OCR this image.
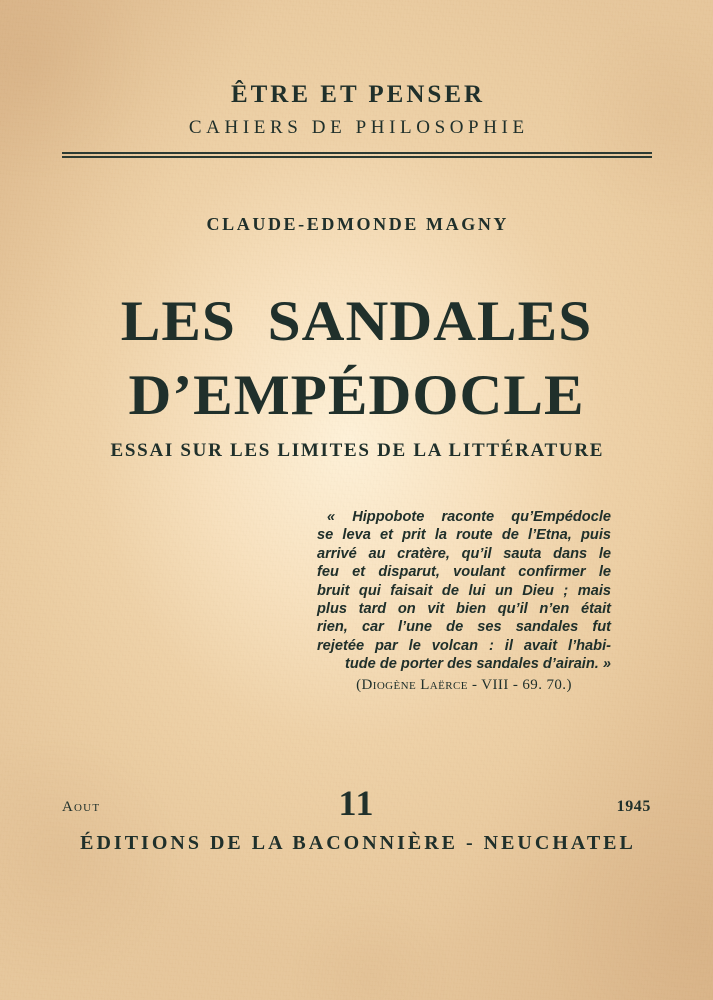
ÊTRE ET PENSER
CAHIERS DE PHILOSOPHIE
CLAUDE-EDMONDE MAGNY
LES  SANDALES
D’EMPÉDOCLE
ESSAI SUR LES LIMITES DE LA LITTÉRATURE
« Hippobote raconte qu’Empédocle
se leva et prit la route de l’Etna, puis
arrivé au cratère, qu’il sauta dans le
feu et disparut, voulant confirmer le
bruit qui faisait de lui un Dieu ; mais
plus tard on vit bien qu’il n’en était
rien, car l’une de ses sandales fut
rejetée par le volcan : il avait l’habi-
tude de porter des sandales d’airain. »
(Diogène Laërce - VIII - 69. 70.)
Aout	11	1945
ÉDITIONS DE LA BACONNIÈRE - NEUCHATEL
